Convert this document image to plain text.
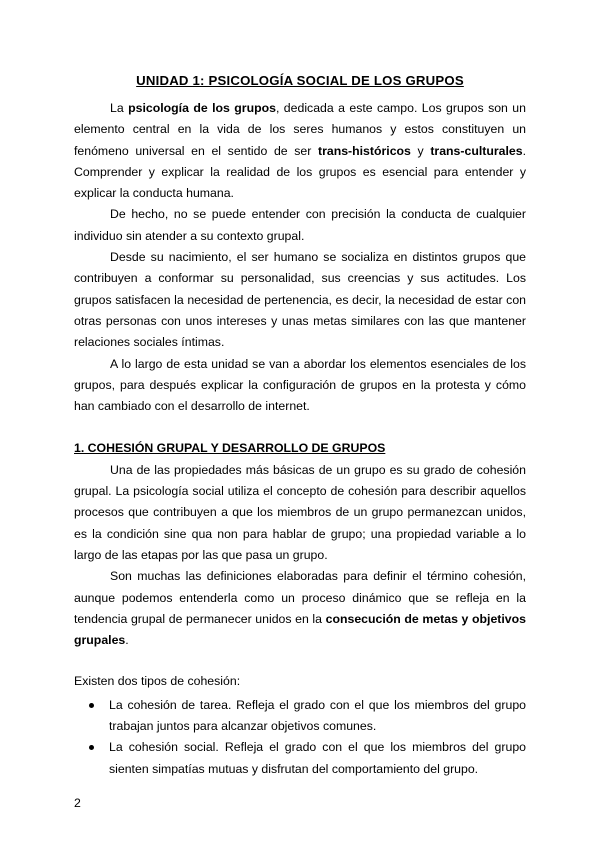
UNIDAD 1: PSICOLOGÍA SOCIAL DE LOS GRUPOS

La psicología de los grupos, dedicada a este campo. Los grupos son un elemento central en la vida de los seres humanos y estos constituyen un fenómeno universal en el sentido de ser trans-históricos y trans-culturales. Comprender y explicar la realidad de los grupos es esencial para entender y explicar la conducta humana.

De hecho, no se puede entender con precisión la conducta de cualquier individuo sin atender a su contexto grupal.

Desde su nacimiento, el ser humano se socializa en distintos grupos que contribuyen a conformar su personalidad, sus creencias y sus actitudes. Los grupos satisfacen la necesidad de pertenencia, es decir, la necesidad de estar con otras personas con unos intereses y unas metas similares con las que mantener relaciones sociales íntimas.

A lo largo de esta unidad se van a abordar los elementos esenciales de los grupos, para después explicar la configuración de grupos en la protesta y cómo han cambiado con el desarrollo de internet.

1. COHESIÓN GRUPAL Y DESARROLLO DE GRUPOS

Una de las propiedades más básicas de un grupo es su grado de cohesión grupal. La psicología social utiliza el concepto de cohesión para describir aquellos procesos que contribuyen a que los miembros de un grupo permanezcan unidos, es la condición sine qua non para hablar de grupo; una propiedad variable a lo largo de las etapas por las que pasa un grupo.

Son muchas las definiciones elaboradas para definir el término cohesión, aunque podemos entenderla como un proceso dinámico que se refleja en la tendencia grupal de permanecer unidos en la consecución de metas y objetivos grupales.

Existen dos tipos de cohesión:

La cohesión de tarea. Refleja el grado con el que los miembros del grupo trabajan juntos para alcanzar objetivos comunes.
La cohesión social. Refleja el grado con el que los miembros del grupo sienten simpatías mutuas y disfrutan del comportamiento del grupo.
2
